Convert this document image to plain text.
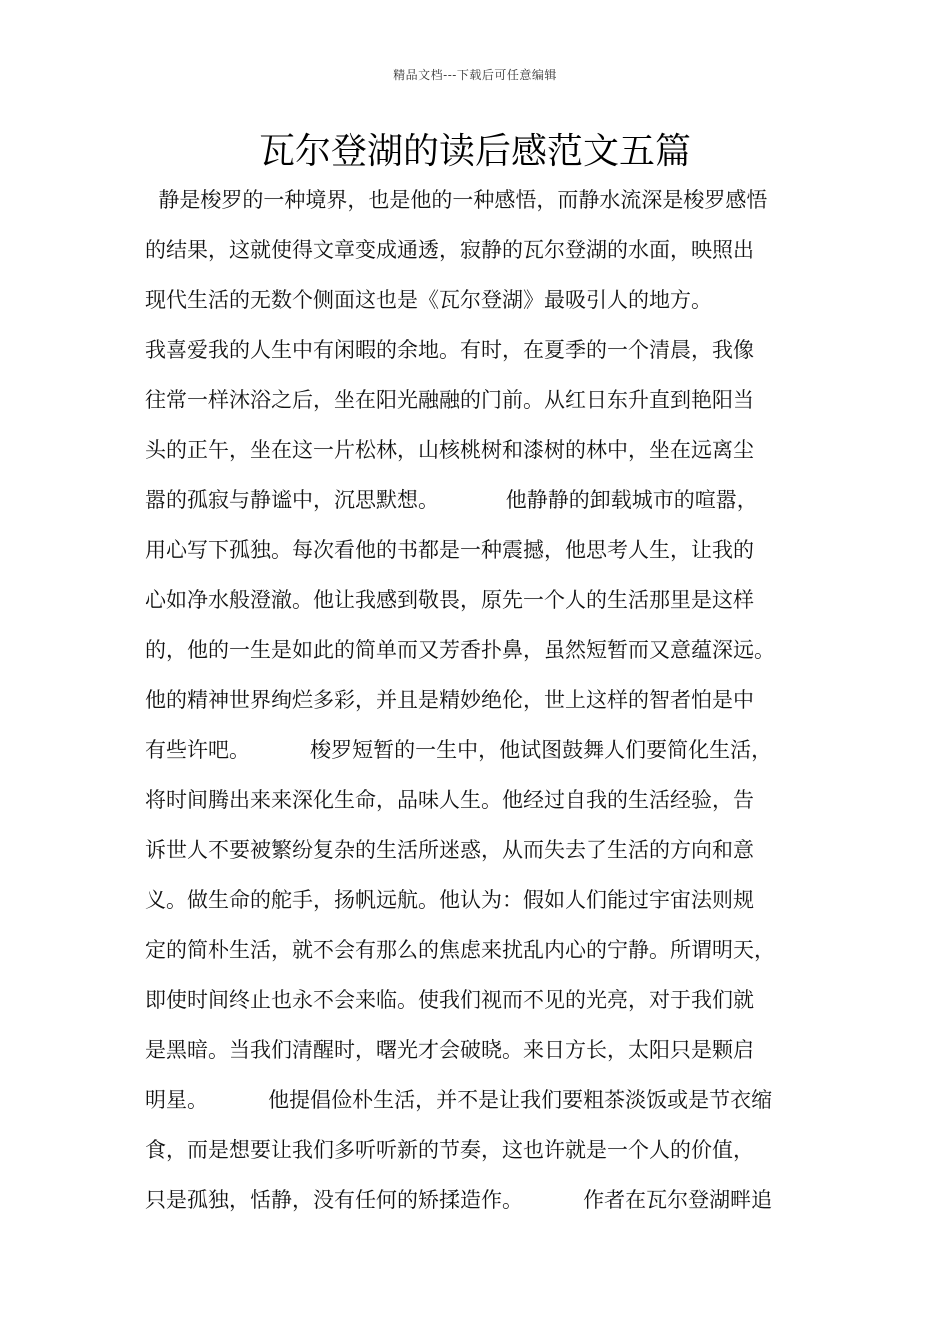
精品文档---下载后可任意编辑
瓦尔登湖的读后感范文五篇
静是梭罗的一种境界，也是他的一种感悟，而静水流深是梭罗感悟
的结果，这就使得文章变成通透，寂静的瓦尔登湖的水面，映照出
现代生活的无数个侧面这也是《瓦尔登湖》最吸引人的地方。
我喜爱我的人生中有闲暇的余地。有时，在夏季的一个清晨，我像
往常一样沐浴之后，坐在阳光融融的门前。从红日东升直到艳阳当
头的正午，坐在这一片松林，山核桃树和漆树的林中，坐在远离尘
嚣的孤寂与静谧中，沉思默想。          他静静的卸载城市的喧嚣，
用心写下孤独。每次看他的书都是一种震撼，他思考人生，让我的
心如净水般澄澈。他让我感到敬畏，原先一个人的生活那里是这样
的，他的一生是如此的简单而又芳香扑鼻，虽然短暂而又意蕴深远。
他的精神世界绚烂多彩，并且是精妙绝伦，世上这样的智者怕是中
有些许吧。         梭罗短暂的一生中，他试图鼓舞人们要简化生活，
将时间腾出来来深化生命，品味人生。他经过自我的生活经验，告
诉世人不要被繁纷复杂的生活所迷惑，从而失去了生活的方向和意
义。做生命的舵手，扬帆远航。他认为：假如人们能过宇宙法则规
定的简朴生活，就不会有那么的焦虑来扰乱内心的宁静。所谓明天，
即使时间终止也永不会来临。使我们视而不见的光亮，对于我们就
是黑暗。当我们清醒时，曙光才会破晓。来日方长，太阳只是颗启
明星。         他提倡俭朴生活，并不是让我们要粗茶淡饭或是节衣缩
食，而是想要让我们多听听新的节奏，这也许就是一个人的价值，
只是孤独，恬静，没有任何的矫揉造作。         作者在瓦尔登湖畔追
